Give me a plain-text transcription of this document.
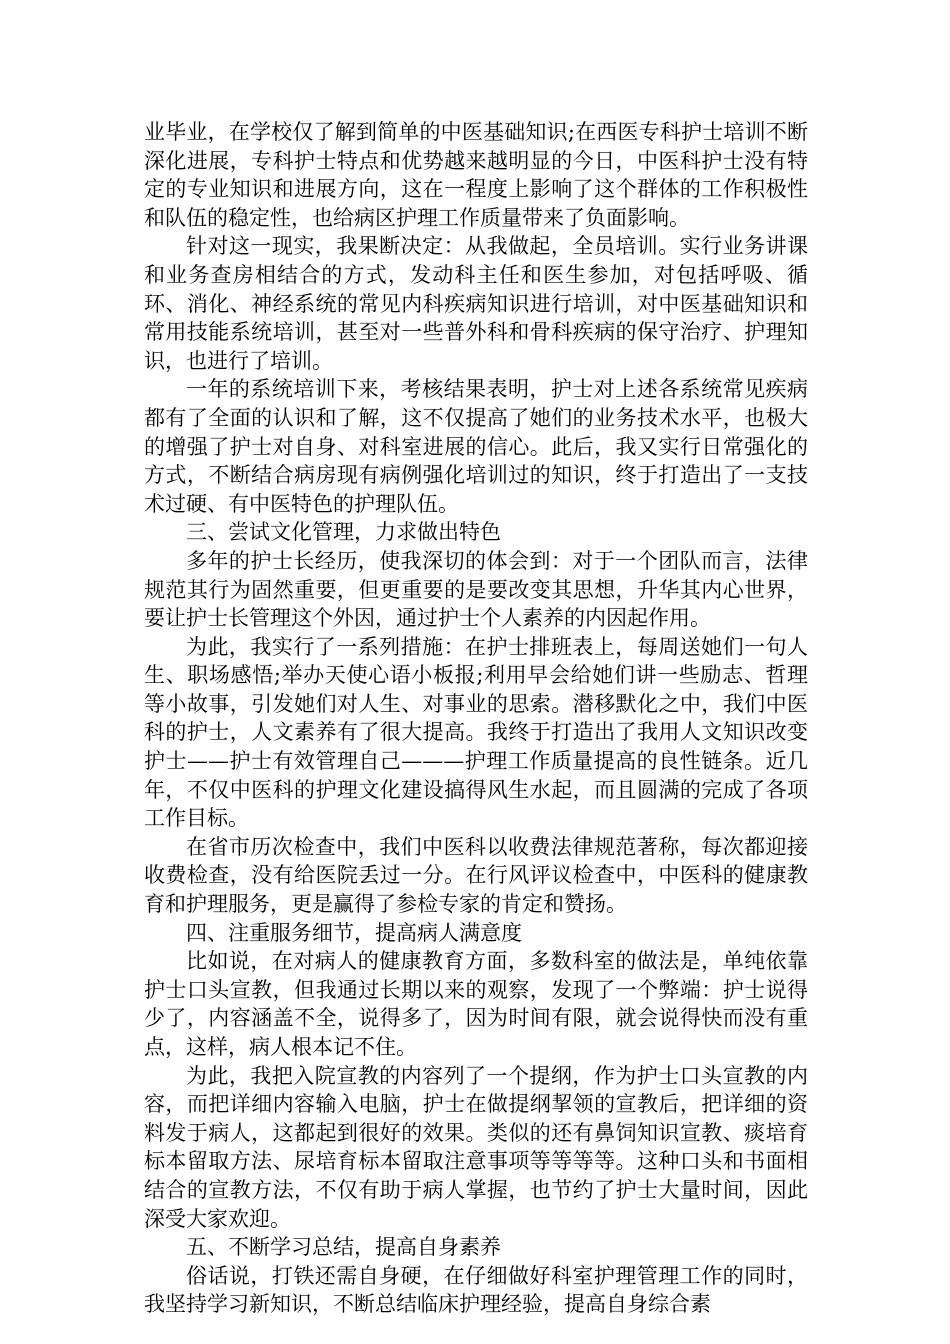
业毕业，在学校仅了解到简单的中医基础知识;在西医专科护士培训不断深化进展，专科护士特点和优势越来越明显的今日，中医科护士没有特定的专业知识和进展方向，这在一程度上影响了这个群体的工作积极性和队伍的稳定性，也给病区护理工作质量带来了负面影响。

针对这一现实，我果断决定：从我做起，全员培训。实行业务讲课和业务查房相结合的方式，发动科主任和医生参加，对包括呼吸、循环、消化、神经系统的常见内科疾病知识进行培训，对中医基础知识和常用技能系统培训，甚至对一些普外科和骨科疾病的保守治疗、护理知识，也进行了培训。

一年的系统培训下来，考核结果表明，护士对上述各系统常见疾病都有了全面的认识和了解，这不仅提高了她们的业务技术水平，也极大的增强了护士对自身、对科室进展的信心。此后，我又实行日常强化的方式，不断结合病房现有病例强化培训过的知识，终于打造出了一支技术过硬、有中医特色的护理队伍。

三、尝试文化管理，力求做出特色

多年的护士长经历，使我深切的体会到：对于一个团队而言，法律规范其行为固然重要，但更重要的是要改变其思想，升华其内心世界，要让护士长管理这个外因，通过护士个人素养的内因起作用。

为此，我实行了一系列措施：在护士排班表上，每周送她们一句人生、职场感悟;举办天使心语小板报;利用早会给她们讲一些励志、哲理等小故事，引发她们对人生、对事业的思索。潜移默化之中，我们中医科的护士，人文素养有了很大提高。我终于打造出了我用人文知识改变护士——护士有效管理自己———护理工作质量提高的良性链条。近几年，不仅中医科的护理文化建设搞得风生水起，而且圆满的完成了各项工作目标。

在省市历次检查中，我们中医科以收费法律规范著称，每次都迎接收费检查，没有给医院丢过一分。在行风评议检查中，中医科的健康教育和护理服务，更是赢得了参检专家的肯定和赞扬。

四、注重服务细节，提高病人满意度

比如说，在对病人的健康教育方面，多数科室的做法是，单纯依靠护士口头宣教，但我通过长期以来的观察，发现了一个弊端：护士说得少了，内容涵盖不全，说得多了，因为时间有限，就会说得快而没有重点，这样，病人根本记不住。

为此，我把入院宣教的内容列了一个提纲，作为护士口头宣教的内容，而把详细内容输入电脑，护士在做提纲挈领的宣教后，把详细的资料发于病人，这都起到很好的效果。类似的还有鼻饲知识宣教、痰培育标本留取方法、尿培育标本留取注意事项等等等等。这种口头和书面相结合的宣教方法，不仅有助于病人掌握，也节约了护士大量时间，因此深受大家欢迎。

五、不断学习总结，提高自身素养

俗话说，打铁还需自身硬，在仔细做好科室护理管理工作的同时，我坚持学习新知识，不断总结临床护理经验，提高自身综合素
